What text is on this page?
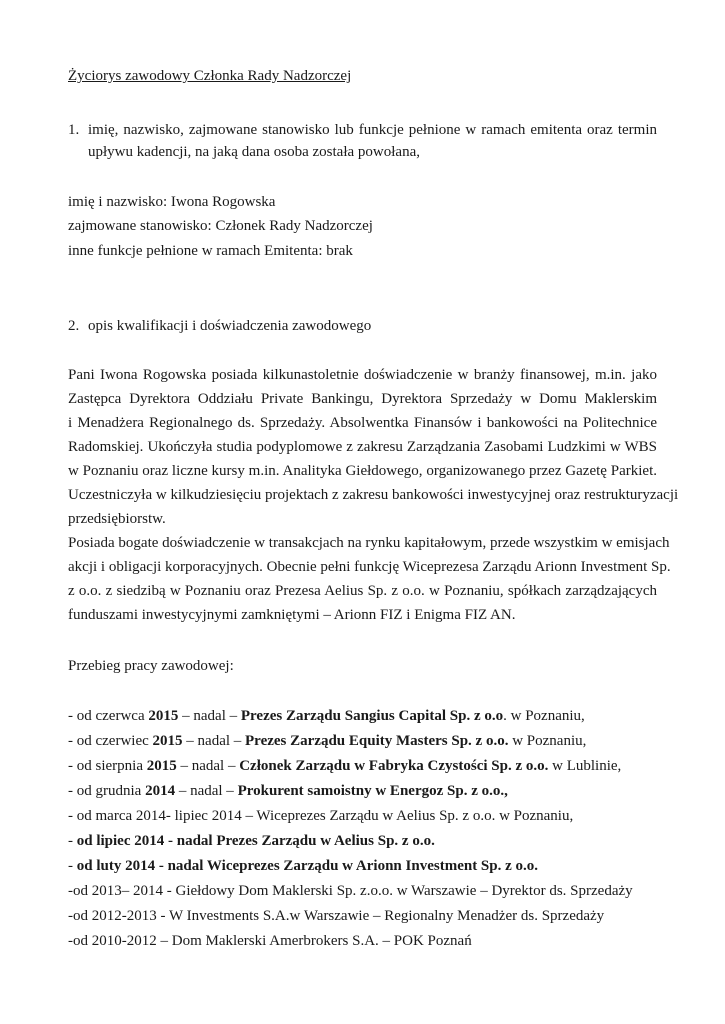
Życiorys zawodowy Członka Rady Nadzorczej
1. imię, nazwisko, zajmowane stanowisko lub funkcje pełnione w ramach emitenta oraz termin
upływu kadencji, na jaką dana osoba została powołana,
imię i nazwisko: Iwona Rogowska
zajmowane stanowisko: Członek Rady Nadzorczej
inne funkcje pełnione w ramach Emitenta: brak
2. opis kwalifikacji i doświadczenia zawodowego
Pani Iwona Rogowska posiada kilkunastoletnie doświadczenie w branży finansowej, m.in. jako
Zastępca Dyrektora Oddziału Private Bankingu, Dyrektora Sprzedaży w Domu Maklerskim
i Menadżera Regionalnego ds. Sprzedaży. Absolwentka Finansów i bankowości na Politechnice
Radomskiej. Ukończyła studia podyplomowe z zakresu Zarządzania Zasobami Ludzkimi w WBS
w Poznaniu oraz liczne kursy m.in. Analityka Giełdowego, organizowanego przez Gazetę Parkiet.
Uczestniczyła w kilkudziesięciu projektach z zakresu bankowości inwestycyjnej oraz restrukturyzacji
przedsiębiorstw.
Posiada bogate doświadczenie w transakcjach na rynku kapitałowym, przede wszystkim w emisjach
akcji i obligacji korporacyjnych. Obecnie pełni funkcję Wiceprezesa Zarządu Arionn Investment Sp.
z o.o. z siedzibą w Poznaniu oraz Prezesa Aelius Sp. z o.o. w Poznaniu, spółkach zarządzających
funduszami inwestycyjnymi zamkniętymi – Arionn FIZ i Enigma FIZ AN.
Przebieg pracy zawodowej:
- od czerwca 2015 – nadal – Prezes Zarządu Sangius Capital Sp. z o.o. w Poznaniu,
- od czerwiec 2015 – nadal – Prezes Zarządu Equity Masters Sp. z o.o. w Poznaniu,
- od sierpnia 2015 – nadal – Członek Zarządu w Fabryka Czystości Sp. z o.o. w Lublinie,
- od grudnia 2014 – nadal – Prokurent samoistny w Energoz Sp. z o.o.,
- od marca 2014- lipiec 2014 – Wiceprezes Zarządu w Aelius Sp. z o.o. w Poznaniu,
- od lipiec 2014 - nadal Prezes Zarządu w Aelius Sp. z o.o.
- od luty 2014 - nadal Wiceprezes Zarządu w Arionn Investment Sp. z o.o.
-od 2013– 2014 - Giełdowy Dom Maklerski Sp. z.o.o. w Warszawie – Dyrektor ds. Sprzedaży
-od 2012-2013 - W Investments S.A.w Warszawie – Regionalny Menadżer ds. Sprzedaży
-od 2010-2012 – Dom Maklerski Amerbrokers S.A. – POK Poznań
